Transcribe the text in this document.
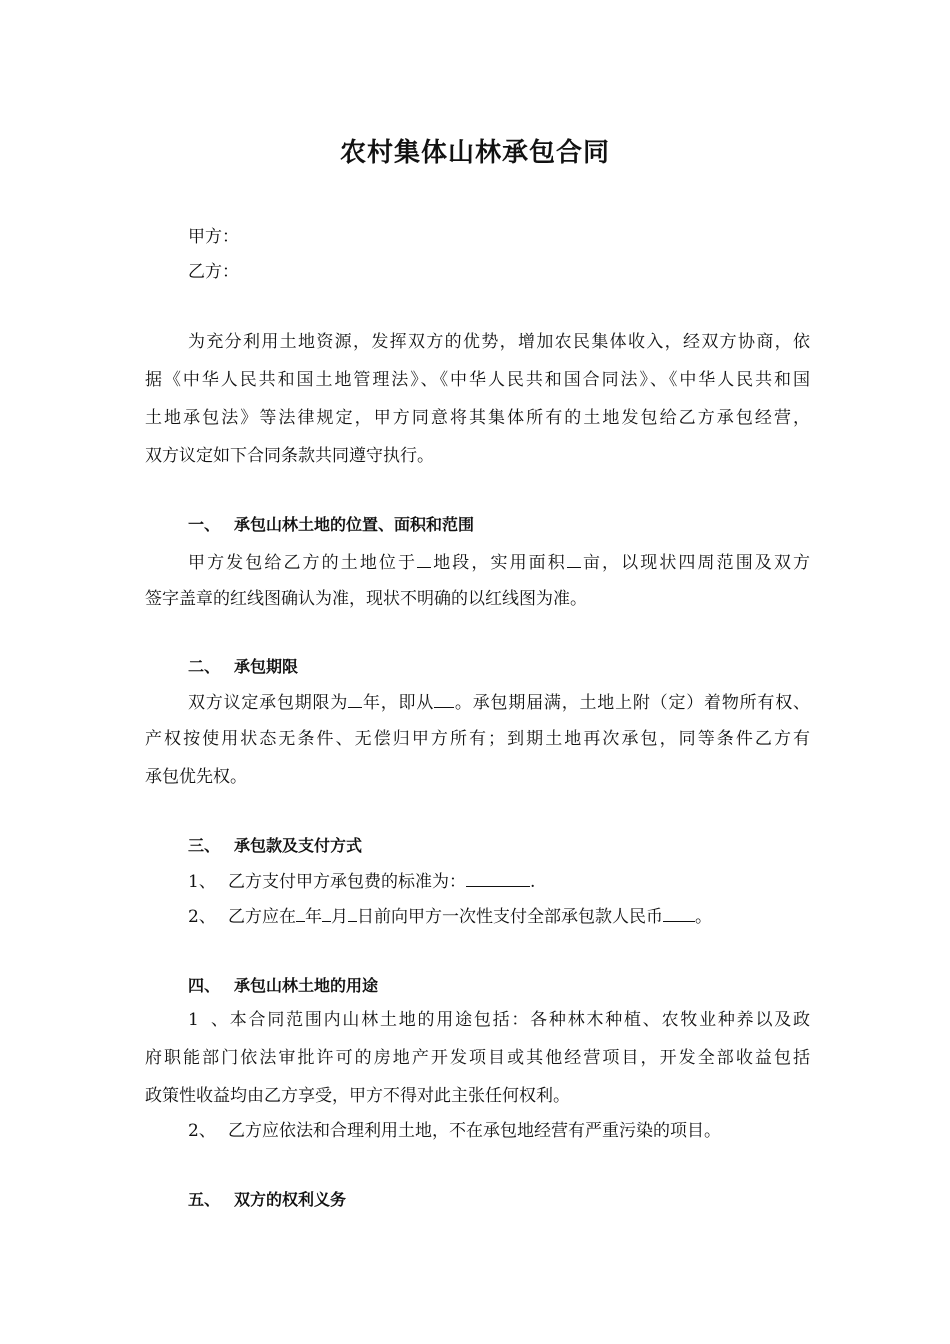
农村集体山林承包合同
甲方：
乙方：
为充分利用土地资源，发挥双方的优势，增加农民集体收入，经双方协商，依
据《中华人民共和国土地管理法》、《中华人民共和国合同法》、《中华人民共和国
土地承包法》等法律规定，甲方同意将其集体所有的土地发包给乙方承包经营，
双方议定如下合同条款共同遵守执行。
一、 承包山林土地的位置、面积和范围
甲方发包给乙方的土地位于 地段，实用面积 亩，以现状四周范围及双方
签字盖章的红线图确认为准，现状不明确的以红线图为准。
二、 承包期限
双方议定承包期限为 年，即从 。承包期届满，土地上附（定）着物所有权、
产权按使用状态无条件、无偿归甲方所有；到期土地再次承包，同等条件乙方有
承包优先权。
三、 承包款及支付方式
1、 乙方支付甲方承包费的标准为：	.
2、 乙方应在 年 月 日前向甲方一次性支付全部承包款人民币 。
四、 承包山林土地的用途
1、本合同范围内山林土地的用途包括：各种林木种植、农牧业种养以及政
府职能部门依法审批许可的房地产开发项目或其他经营项目，开发全部收益包括
政策性收益均由乙方享受，甲方不得对此主张任何权利。
2、 乙方应依法和合理利用土地，不在承包地经营有严重污染的项目。
五、 双方的权利义务
